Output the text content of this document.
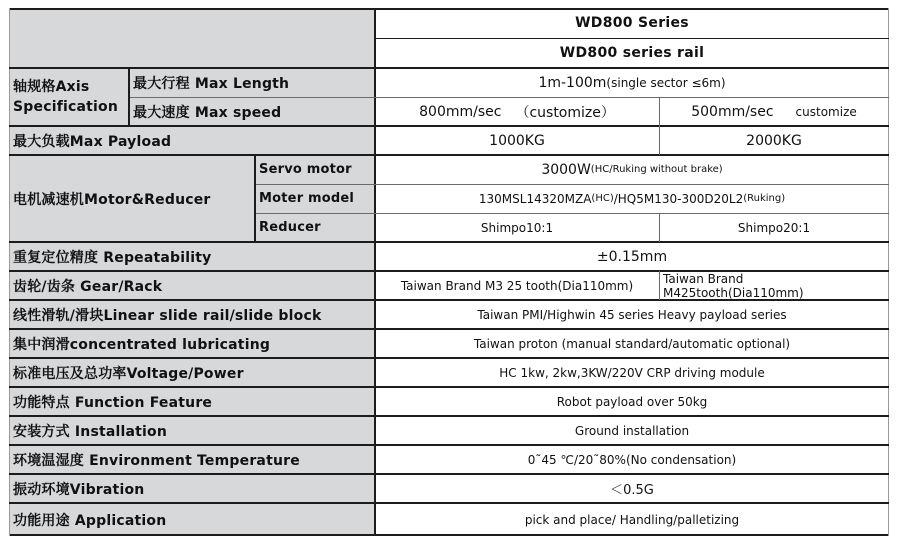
WD800 Series
WD800 series rail
轴规格Axis
Specification
最大行程 Max Length	1m-100m (single sector ≤6m)
最大速度 Max speed	800mm/sec （customize）	500mm/sec customize
最大负载Max Payload	1000KG	2000KG
电机减速机Motor&Reducer
Servo motor	3000W (HC/Ruking without brake)
Moter model	130MSL14320MZA (HC) /HQ5M130-300D20L2 (Ruking)
Reducer	Shimpo10:1	Shimpo20:1
重复定位精度 Repeatability	±0.15mm
齿轮/齿条 Gear/Rack	Taiwan Brand M3 25 tooth(Dia110mm)	Taiwan Brand
M425tooth(Dia110mm)
线性滑轨/滑块Linear slide rail/slide block	Taiwan PMI/Highwin 45 series Heavy payload series
集中润滑concentrated lubricating	Taiwan proton (manual standard/automatic optional)
标准电压及总功率Voltage/Power	HC 1kw, 2kw,3KW/220V CRP driving module
功能特点 Function Feature	Robot payload over 50kg
安装方式 Installation	Ground installation
环境温湿度 Environment Temperature	0˜45 ℃/20˜80%(No condensation)
振动环境Vibration	＜0.5G
功能用途 Application	pick and place/ Handling/palletizing
